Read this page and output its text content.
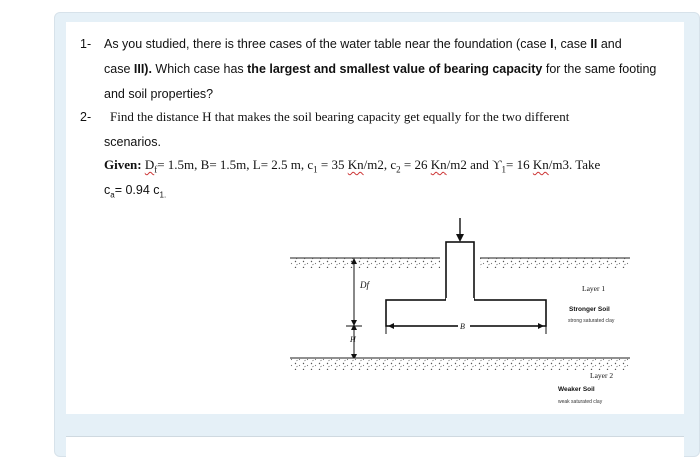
1- As you studied, there is three cases of the water table near the foundation (case I, case II and
case III). Which case has the largest and smallest value of bearing capacity for the same footing
and soil properties?
2- Find the distance H that makes the soil bearing capacity get equally for the two different
scenarios.
Given: $D_f= 1.5m$, B= 1.5m, L= 2.5 m, $c_1 = 35$ Kn/m2, $c_2 = 26$ Kn/m2 and $ϒ_1= 16$ Kn/m3. Take
$c_a= 0.94$ $c_{1.}$
Df
H
B
Layer 1
Stronger Soil
strong saturated clay
Layer 2
Weaker Soil
weak saturated clay
